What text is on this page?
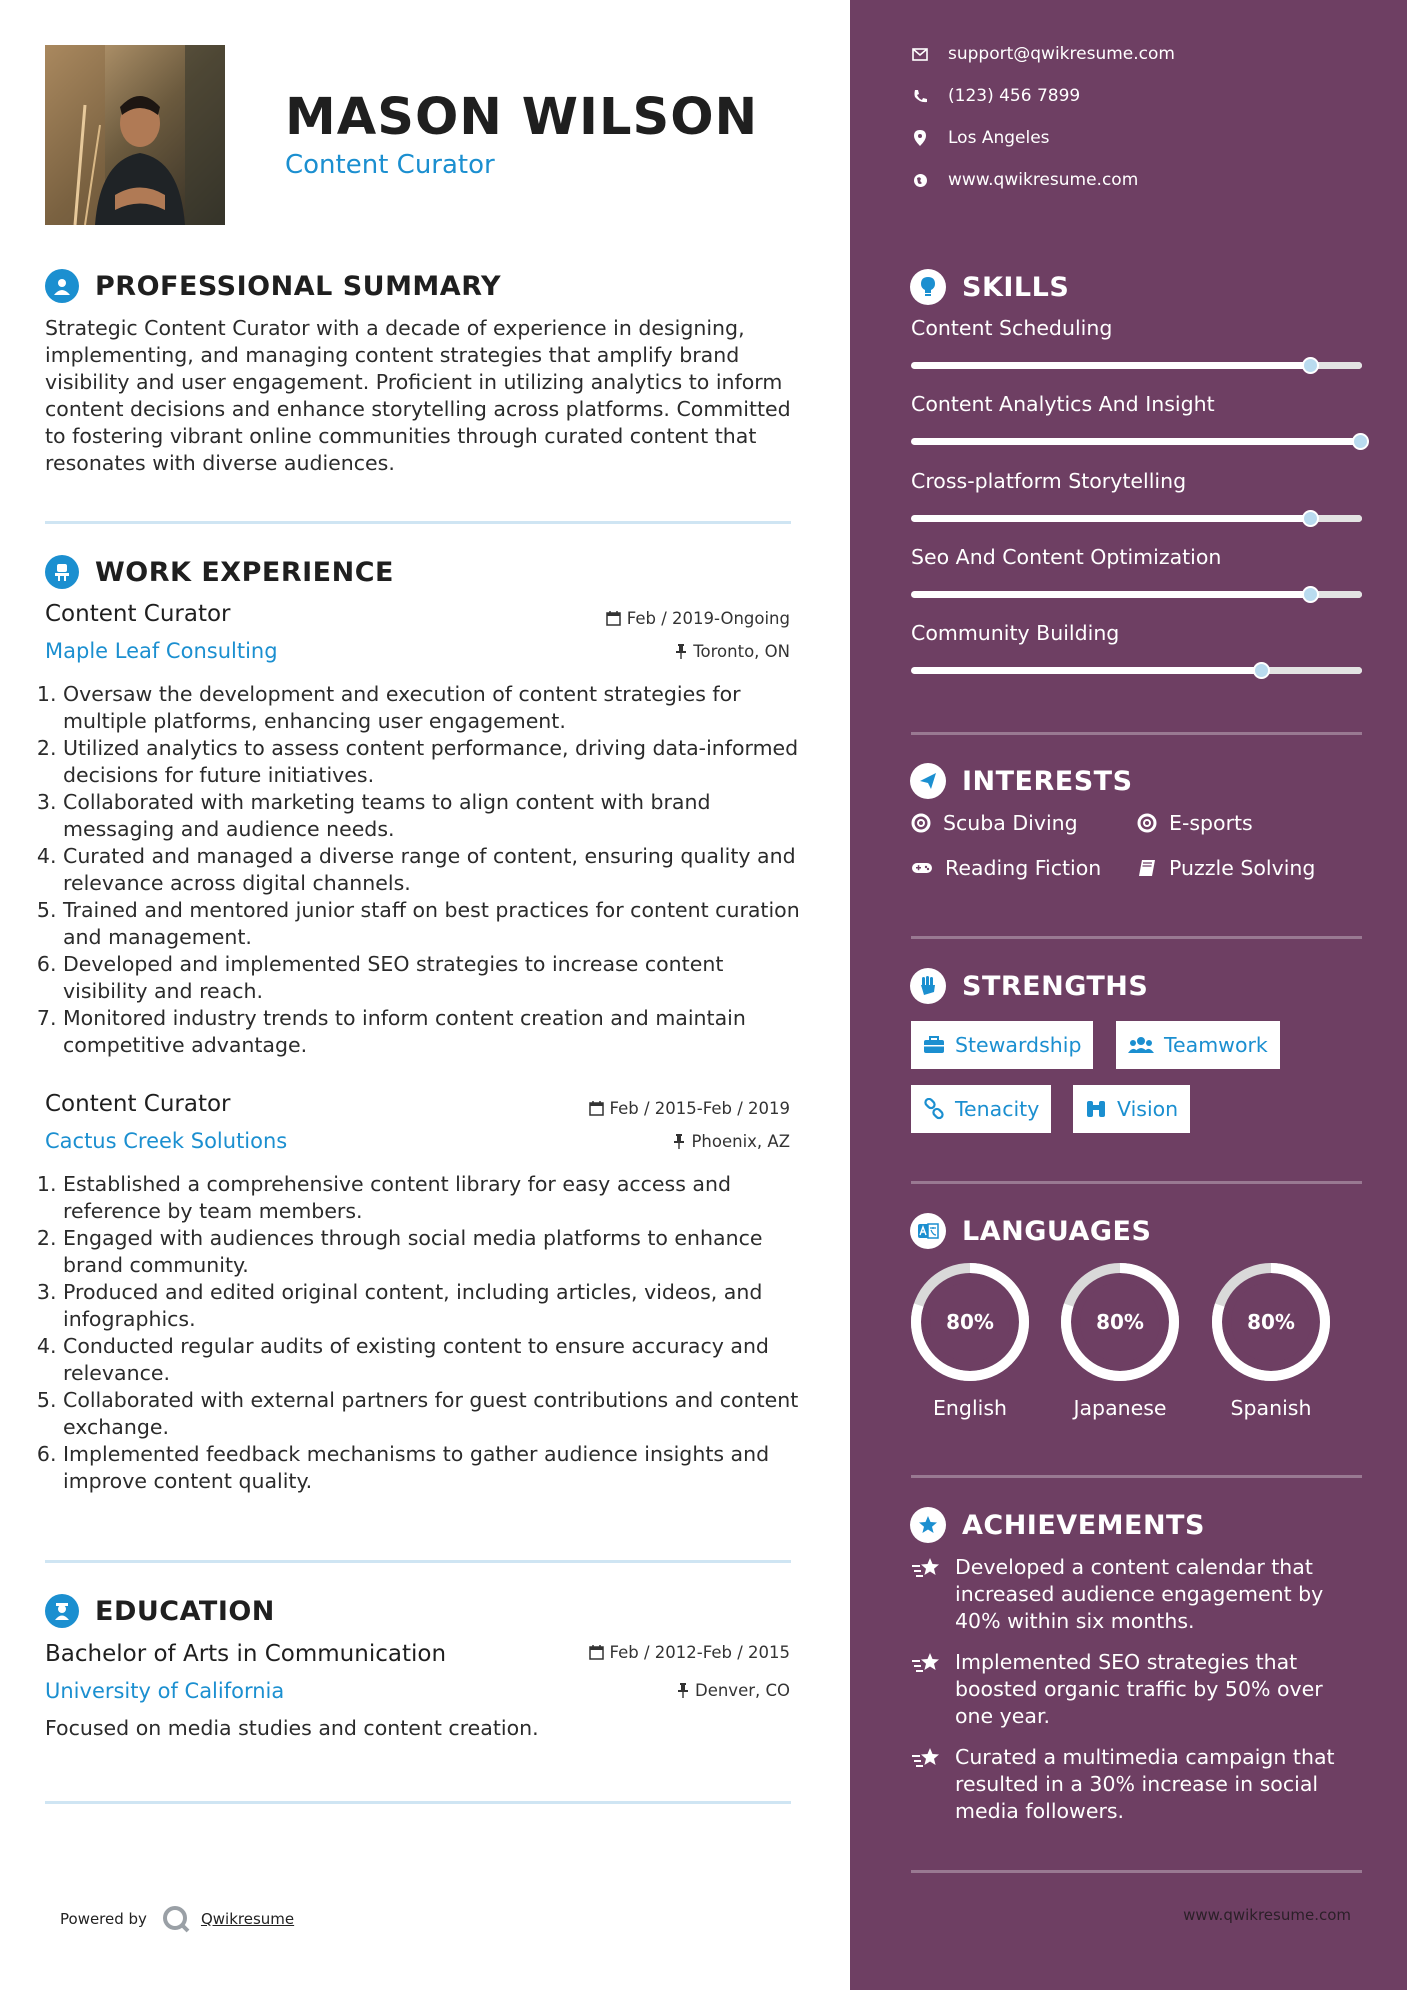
MASON WILSON
Content Curator
PROFESSIONAL SUMMARY
Strategic Content Curator with a decade of experience in designing, implementing, and managing content strategies that amplify brand visibility and user engagement. Proficient in utilizing analytics to inform content decisions and enhance storytelling across platforms. Committed to fostering vibrant online communities through curated content that resonates with diverse audiences.
WORK EXPERIENCE
Content Curator	Feb / 2019-Ongoing
Maple Leaf Consulting	Toronto, ON
1. Oversaw the development and execution of content strategies for multiple platforms, enhancing user engagement.
2. Utilized analytics to assess content performance, driving data-informed decisions for future initiatives.
3. Collaborated with marketing teams to align content with brand messaging and audience needs.
4. Curated and managed a diverse range of content, ensuring quality and relevance across digital channels.
5. Trained and mentored junior staff on best practices for content curation and management.
6. Developed and implemented SEO strategies to increase content visibility and reach.
7. Monitored industry trends to inform content creation and maintain competitive advantage.
Content Curator	Feb / 2015-Feb / 2019
Cactus Creek Solutions	Phoenix, AZ
1. Established a comprehensive content library for easy access and reference by team members.
2. Engaged with audiences through social media platforms to enhance brand community.
3. Produced and edited original content, including articles, videos, and infographics.
4. Conducted regular audits of existing content to ensure accuracy and relevance.
5. Collaborated with external partners for guest contributions and content exchange.
6. Implemented feedback mechanisms to gather audience insights and improve content quality.
EDUCATION
Bachelor of Arts in Communication	Feb / 2012-Feb / 2015
University of California	Denver, CO
Focused on media studies and content creation.
Powered by	Qwikresume
support@qwikresume.com
(123) 456 7899
Los Angeles
www.qwikresume.com
SKILLS
Content Scheduling
Content Analytics And Insight
Cross-platform Storytelling
Seo And Content Optimization
Community Building
INTERESTS
Scuba Diving	E-sports
Reading Fiction	Puzzle Solving
STRENGTHS
Stewardship	Teamwork
Tenacity	Vision
LANGUAGES
80%
English
80%
Japanese
80%
Spanish
ACHIEVEMENTS
Developed a content calendar that increased audience engagement by 40% within six months.
Implemented SEO strategies that boosted organic traffic by 50% over one year.
Curated a multimedia campaign that resulted in a 30% increase in social media followers.
www.qwikresume.com
